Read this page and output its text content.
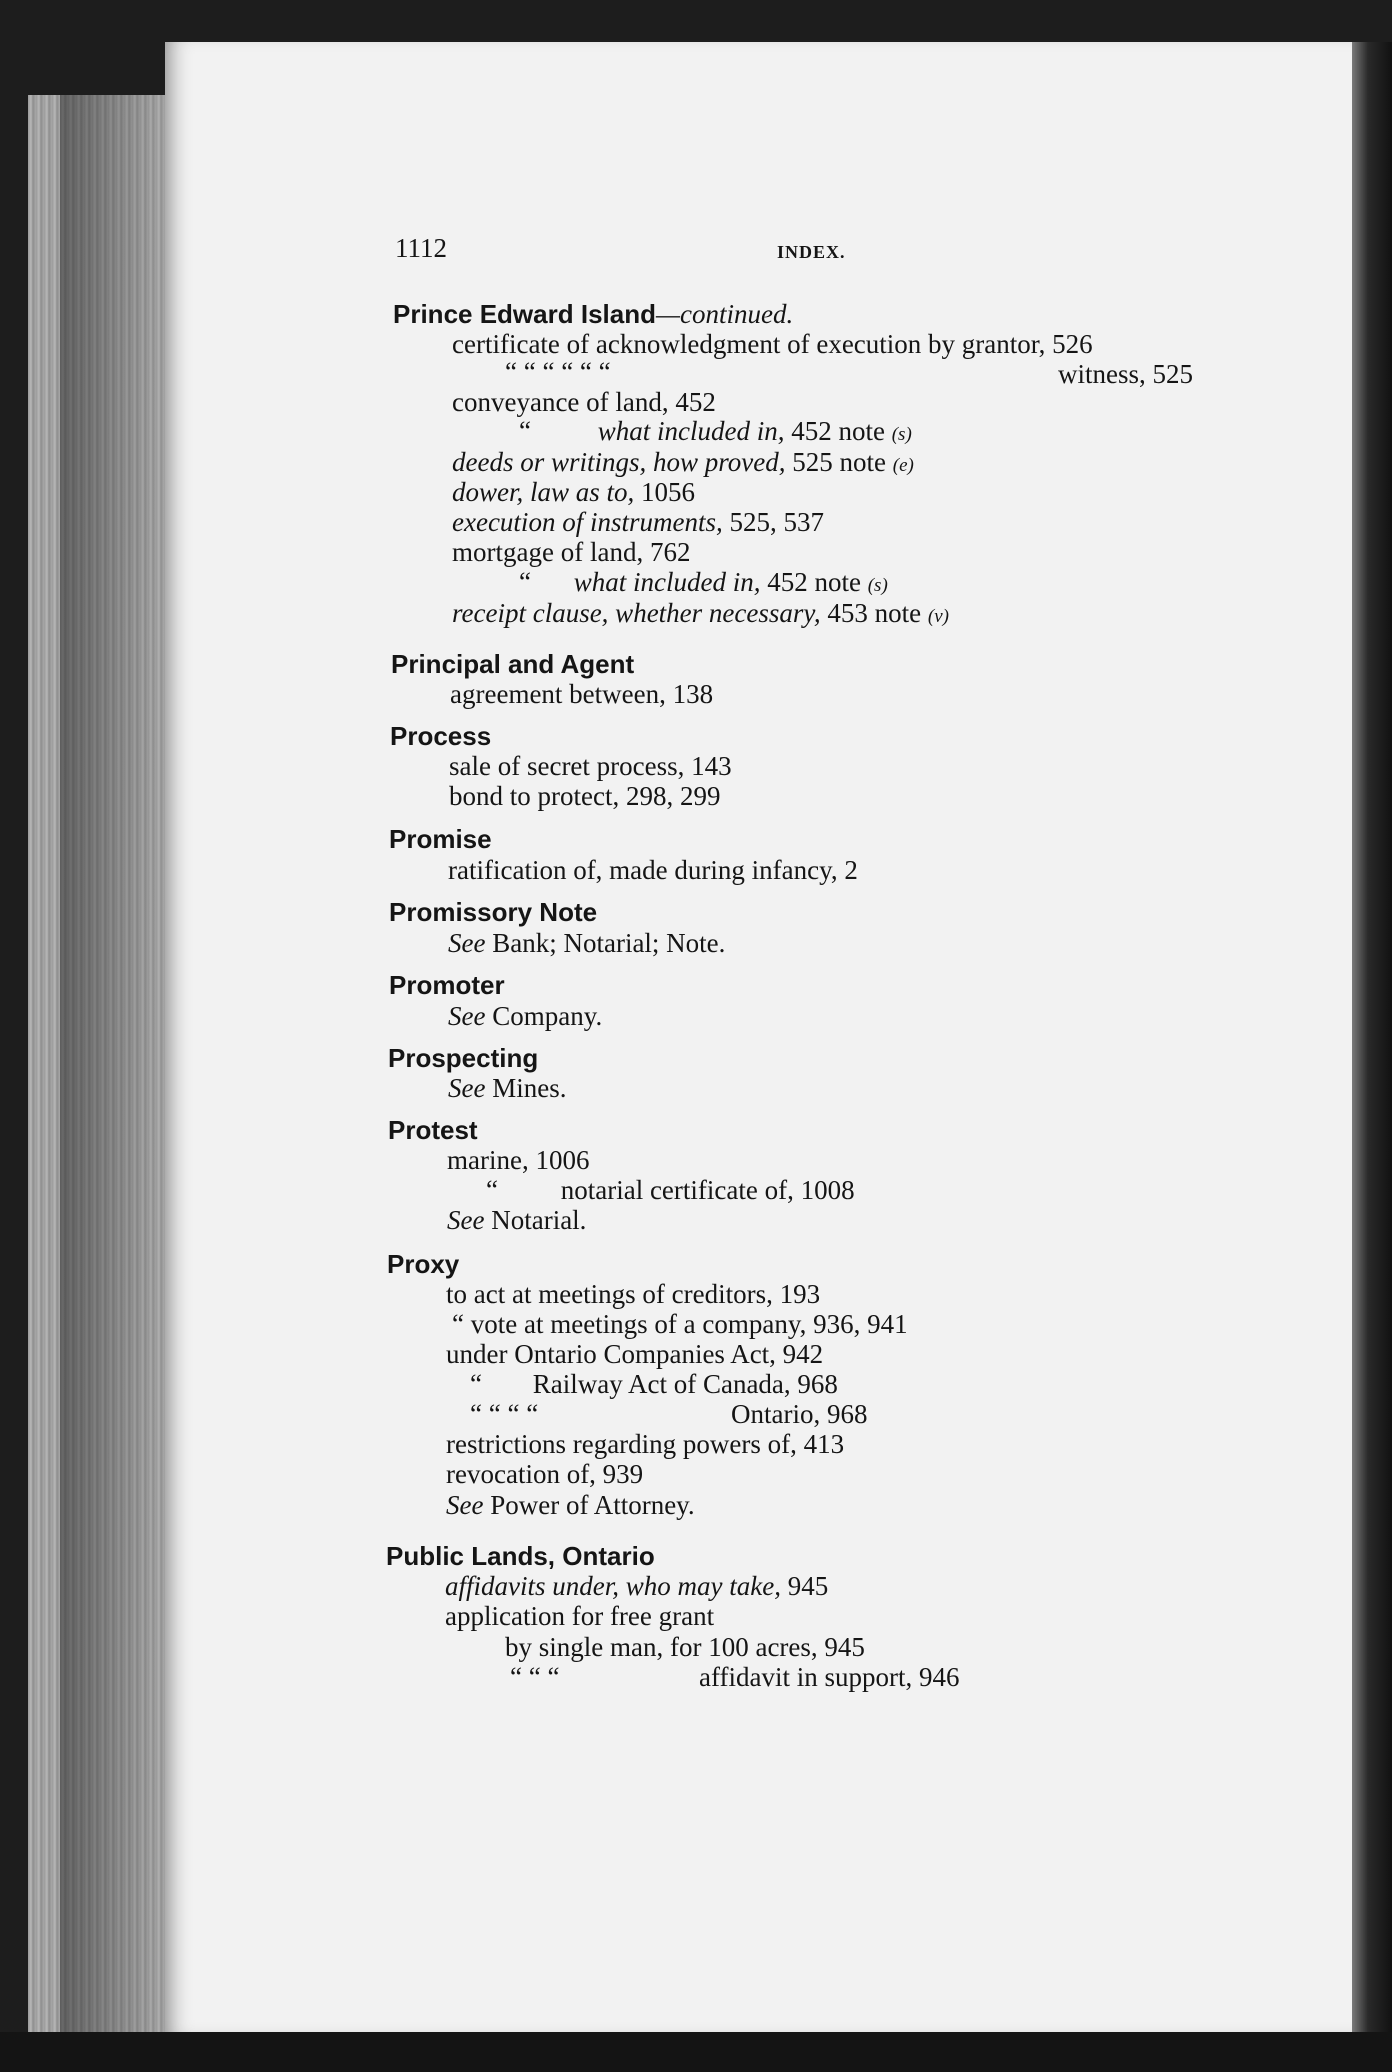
1112	INDEX.
Prince Edward Island—continued.
certificate of acknowledgment of execution by grantor, 526
“ “ “ “ “ “	witness, 525
conveyance of land, 452
“ what included in, 452 note (s)
deeds or writings, how proved, 525 note (e)
dower, law as to, 1056
execution of instruments, 525, 537
mortgage of land, 762
“ what included in, 452 note (s)
receipt clause, whether necessary, 453 note (v)
Principal and Agent
agreement between, 138
Process
sale of secret process, 143
bond to protect, 298, 299
Promise
ratification of, made during infancy, 2
Promissory Note
See Bank; Notarial; Note.
Promoter
See Company.
Prospecting
See Mines.
Protest
marine, 1006
“ notarial certificate of, 1008
See Notarial.
Proxy
to act at meetings of creditors, 193
“ vote at meetings of a company, 936, 941
under Ontario Companies Act, 942
“ Railway Act of Canada, 968
“ “ “ “	Ontario, 968
restrictions regarding powers of, 413
revocation of, 939
See Power of Attorney.
Public Lands, Ontario
affidavits under, who may take, 945
application for free grant
by single man, for 100 acres, 945
“ “ “	affidavit in support, 946
